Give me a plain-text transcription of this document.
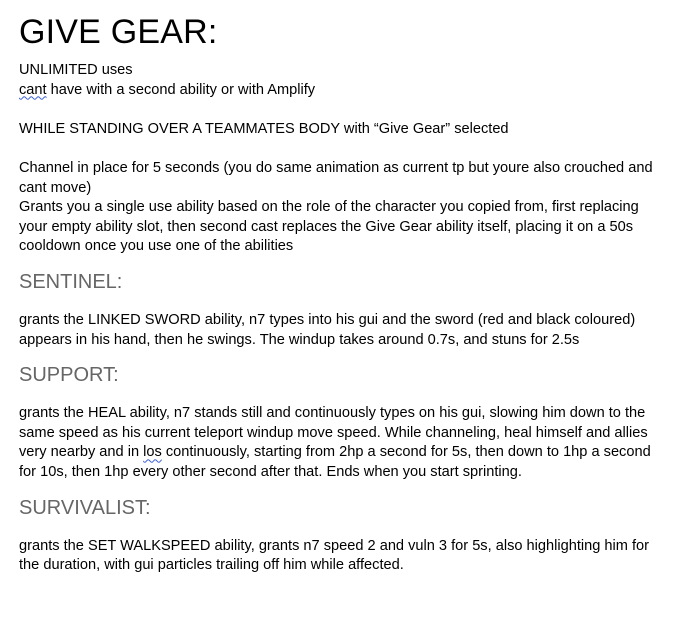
GIVE GEAR:

UNLIMITED uses

cant have with a second ability or with Amplify

WHILE STANDING OVER A TEAMMATES BODY with “Give Gear” selected

Channel in place for 5 seconds (you do same animation as current tp but youre also crouched and cant move)

Grants you a single use ability based on the role of the character you copied from, first replacing your empty ability slot, then second cast replaces the Give Gear ability itself, placing it on a 50s cooldown once you use one of the abilities

SENTINEL:

grants the LINKED SWORD ability, n7 types into his gui and the sword (red and black coloured) appears in his hand, then he swings. The windup takes around 0.7s, and stuns for 2.5s

SUPPORT:

grants the HEAL ability, n7 stands still and continuously types on his gui, slowing him down to the same speed as his current teleport windup move speed. While channeling, heal himself and allies very nearby and in los continuously, starting from 2hp a second for 5s, then down to 1hp a second for 10s, then 1hp every other second after that. Ends when you start sprinting.

SURVIVALIST:

grants the SET WALKSPEED ability, grants n7 speed 2 and vuln 3 for 5s, also highlighting him for the duration, with gui particles trailing off him while affected.
